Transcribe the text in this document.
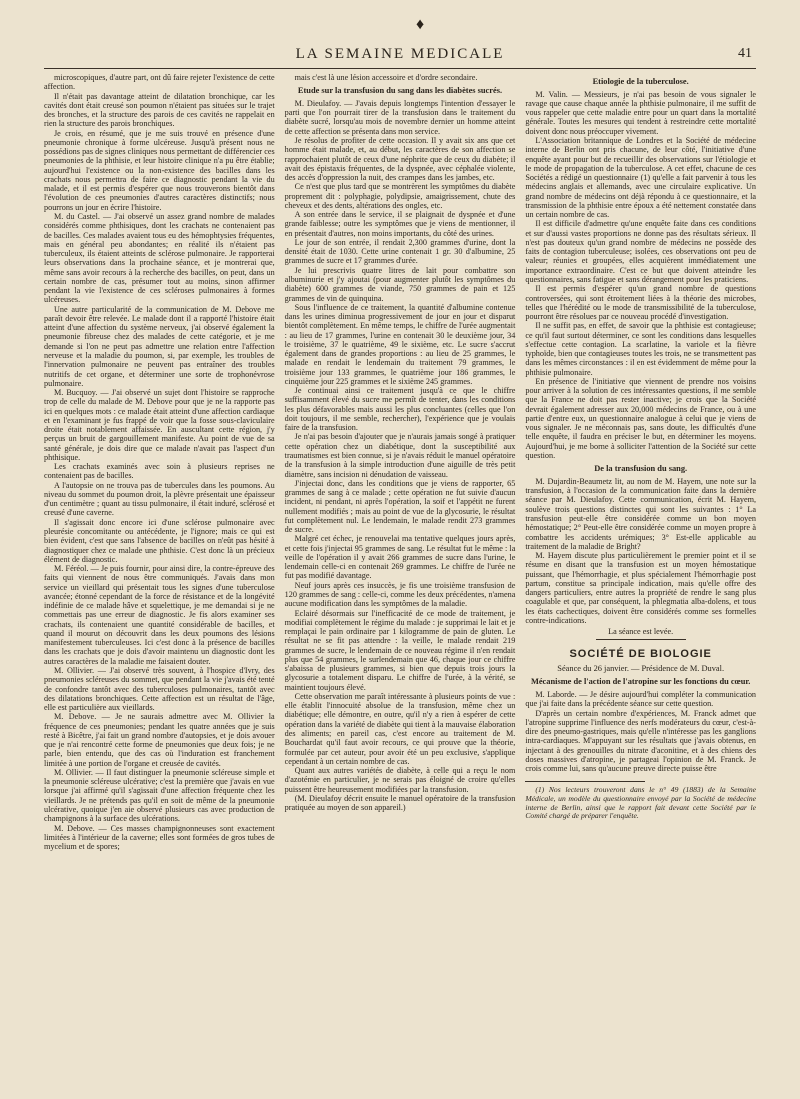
♦
LA SEMAINE MEDICALE	41

microscopiques, d'autre part, ont dû faire rejeter l'existence de cette affection.

Il n'était pas davantage atteint de dilatation bronchique, car les cavités dont était creusé son poumon n'étaient pas situées sur le trajet des bronches, et la structure des parois de ces cavités ne rappelait en rien la structure des parois bronchiques.

Je crois, en résumé, que je me suis trouvé en présence d'une pneumonie chronique à forme ulcéreuse. Jusqu'à présent nous ne possédions pas de signes cliniques nous permettant de différencier ces pneumonies de la phthisie, et leur histoire clinique n'a pu être établie; aujourd'hui l'existence ou la non-existence des bacilles dans les crachats nous permettra de faire ce diagnostic pendant la vie du malade, et il est permis d'espérer que nous trouverons bientôt dans l'évolution de ces pneumonies d'autres caractères distinctifs; nous pourrons un jour en écrire l'histoire.

M. du Castel. — J'ai observé un assez grand nombre de malades considérés comme phthisiques, dont les crachats ne contenaient pas de bacilles. Ces malades avaient tous eu des hémophtysies fréquentes, mais en général peu abondantes; en réalité ils n'étaient pas tuberculeux, ils étaient atteints de sclérose pulmonaire. Je rapporterai leurs observations dans la prochaine séance, et je montrerai que, même sans avoir recours à la recherche des bacilles, on peut, dans un certain nombre de cas, présumer tout au moins, sinon affirmer pendant la vie l'existence de ces scléroses pulmonaires à formes ulcéreuses.

Une autre particularité de la communication de M. Debove me paraît devoir être relevée. Le malade dont il a rapporté l'histoire était atteint d'une affection du système nerveux, j'ai observé également la pneumonie fibreuse chez des malades de cette catégorie, et je me demande si l'on ne peut pas admettre une relation entre l'affection nerveuse et la maladie du poumon, si, par exemple, les troubles de l'innervation pulmonaire ne peuvent pas entraîner des troubles nutritifs de cet organe, et déterminer une sorte de trophonévrose pulmonaire.

M. Bucquoy. — J'ai observé un sujet dont l'histoire se rapproche trop de celle du malade de M. Debove pour que je ne la rapporte pas ici en quelques mots : ce malade était atteint d'une affection cardiaque et en l'examinant je fus frappé de voir que la fosse sous-claviculaire droite était notablement affaissée. En auscultant cette région, j'y perçus un bruit de gargouillement manifeste. Au point de vue de sa santé générale, je dois dire que ce malade n'avait pas l'aspect d'un phthisique.

Les crachats examinés avec soin à plusieurs reprises ne contenaient pas de bacilles.

A l'autopsie on ne trouva pas de tubercules dans les poumons. Au niveau du sommet du poumon droit, la plèvre présentait une épaisseur d'un centimètre ; quant au tissu pulmonaire, il était induré, sclérosé et creusé d'une caverne.

Il s'agissait donc encore ici d'une sclérose pulmonaire avec pleurésie concomitante ou antécédente, je l'ignore; mais ce qui est bien évident, c'est que sans l'absence de bacilles on n'eût pas hésité à diagnostiquer chez ce malade une phthisie. C'est donc là un précieux élément de diagnostic.

M. Féréol. — Je puis fournir, pour ainsi dire, la contre-épreuve des faits qui viennent de nous être communiqués. J'avais dans mon service un vieillard qui présentait tous les signes d'une tuberculose avancée; étonné cependant de la force de résistance et de la longévité indéfinie de ce malade hâve et squelettique, je me demandai si je ne commettais pas une erreur de diagnostic. Je fis alors examiner ses crachats, ils contenaient une quantité considérable de bacilles, et quand il mourut on découvrit dans les deux poumons des lésions manifestement tuberculeuses. Ici c'est donc à la présence de bacilles dans les crachats que je dois d'avoir maintenu un diagnostic dont les autres caractères de la maladie me faisaient douter.

M. Ollivier. — J'ai observé très souvent, à l'hospice d'Ivry, des pneumonies scléreuses du sommet, que pendant la vie j'avais été tenté de confondre tantôt avec des tuberculoses pulmonaires, tantôt avec des dilatations bronchiques. Cette affection est un résultat de l'âge, elle est particulière aux vieillards.

M. Debove. — Je ne saurais admettre avec M. Ollivier la fréquence de ces pneumonies; pendant les quatre années que je suis resté à Bicêtre, j'ai fait un grand nombre d'autopsies, et je dois avouer que je n'ai rencontré cette forme de pneumonies que deux fois; je ne parle, bien entendu, que des cas où l'induration est franchement limitée à une portion de l'organe et creusée de cavités.

M. Ollivier. — Il faut distinguer la pneumonie scléreuse simple et la pneumonie scléreuse ulcérative; c'est la première que j'avais en vue lorsque j'ai affirmé qu'il s'agissait d'une affection fréquente chez les vieillards. Je ne prétends pas qu'il en soit de même de la pneumonie ulcérative, quoique j'en aie observé plusieurs cas avec production de champignons à la surface des ulcérations.

M. Debove. — Ces masses champignonneuses sont exactement limitées à l'intérieur de la caverne; elles sont formées de gros tubes de mycelium et de spores;

mais c'est là une lésion accessoire et d'ordre secondaire.

Etude sur la transfusion du sang dans les diabètes sucrés.

M. Dieulafoy. — J'avais depuis longtemps l'intention d'essayer le parti que l'on pourrait tirer de la transfusion dans le traitement du diabète sucré, lorsqu'au mois de novembre dernier un homme atteint de cette affection se présenta dans mon service.

Je résolus de profiter de cette occasion. Il y avait six ans que cet homme était malade, et, au début, les caractères de son affection se rapprochaient plutôt de ceux d'une néphrite que de ceux du diabète; il avait des épistaxis fréquentes, de la dyspnée, avec céphalée violente, des accès d'oppression la nuit, des crampes dans les jambes, etc.

Ce n'est que plus tard que se montrèrent les symptômes du diabète proprement dit : polyphagie, polydipsie, amaigrissement, chute des cheveux et des dents, altérations des ongles, etc.

A son entrée dans le service, il se plaignait de dyspnée et d'une grande faiblesse; outre les symptômes que je viens de mentionner, il en présentait d'autres, non moins importants, du côté des urines.

Le jour de son entrée, il rendait 2,300 grammes d'urine, dont la densité était de 1030. Cette urine contenait 1 gr. 30 d'albumine, 25 grammes de sucre et 17 grammes d'urée.

Je lui prescrivis quatre litres de lait pour combattre son albuminurie et j'y ajoutai (pour augmenter plutôt les symptômes du diabète) 600 grammes de viande, 750 grammes de pain et 125 grammes de vin de quinquina.

Sous l'influence de ce traitement, la quantité d'albumine contenue dans les urines diminua progressivement de jour en jour et disparut bientôt complètement. En même temps, le chiffre de l'urée augmentait : au lieu de 17 grammes, l'urine en contenait 30 le deuxième jour, 34 le troisième, 37 le quatrième, 49 le sixième, etc. Le sucre s'accrut également dans de grandes proportions : au lieu de 25 grammes, le malade en rendait le lendemain du traitement 79 grammes, le troisième jour 133 grammes, le quatrième jour 186 grammes, le cinquième jour 225 grammes et le sixième 245 grammes.

Je continuai ainsi ce traitement jusqu'à ce que le chiffre suffisamment élevé du sucre me permît de tenter, dans les conditions les plus défavorables mais aussi les plus concluantes (celles que l'on doit toujours, il me semble, rechercher), l'expérience que je voulais faire de la transfusion.

Je n'ai pas besoin d'ajouter que je n'aurais jamais songé à pratiquer cette opération chez un diabétique, dont la susceptibilité aux traumatismes est bien connue, si je n'avais réduit le manuel opératoire de la transfusion à la simple introduction d'une aiguille de très petit diamètre, sans incision ni dénudation de vaisseau.

J'injectai donc, dans les conditions que je viens de rapporter, 65 grammes de sang à ce malade ; cette opération ne fut suivie d'aucun incident, ni pendant, ni après l'opération, la soif et l'appétit ne furent nullement modifiés ; mais au point de vue de la glycosurie, le résultat fut complètement nul. Le lendemain, le malade rendit 273 grammes de sucre.

Malgré cet échec, je renouvelai ma tentative quelques jours après, et cette fois j'injectai 95 grammes de sang. Le résultat fut le même : la veille de l'opération il y avait 266 grammes de sucre dans l'urine, le lendemain celle-ci en contenait 269 grammes. Le chiffre de l'urée ne fut pas modifié davantage.

Neuf jours après ces insuccès, je fis une troisième transfusion de 120 grammes de sang : celle-ci, comme les deux précédentes, n'amena aucune modification dans les symptômes de la maladie.

Eclairé désormais sur l'inefficacité de ce mode de traitement, je modifiai complètement le régime du malade : je supprimai le lait et je remplaçai le pain ordinaire par 1 kilogramme de pain de gluten. Le résultat ne se fit pas attendre : la veille, le malade rendait 219 grammes de sucre, le lendemain de ce nouveau régime il n'en rendait plus que 54 grammes, le surlendemain que 46, chaque jour ce chiffre s'abaissa de plusieurs grammes, si bien que depuis trois jours la glycosurie a totalement disparu. Le chiffre de l'urée, à la vérité, se maintient toujours élevé.

Cette observation me paraît intéressante à plusieurs points de vue : elle établit l'innocuité absolue de la transfusion, même chez un diabétique; elle démontre, en outre, qu'il n'y a rien à espérer de cette opération dans la variété de diabète qui tient à la mauvaise élaboration des aliments; en pareil cas, c'est encore au traitement de M. Bouchardat qu'il faut avoir recours, ce qui prouve que la théorie, formulée par cet auteur, pour avoir été un peu exclusive, s'applique cependant à un certain nombre de cas.

Quant aux autres variétés de diabète, à celle qui a reçu le nom d'azotémie en particulier, je ne serais pas éloigné de croire qu'elles puissent être heureusement modifiées par la transfusion.

(M. Dieulafoy décrit ensuite le manuel opératoire de la transfusion pratiquée au moyen de son appareil.)

Etiologie de la tuberculose.

M. Valin. — Messieurs, je n'ai pas besoin de vous signaler le ravage que cause chaque année la phthisie pulmonaire, il me suffit de vous rappeler que cette maladie entre pour un quart dans la mortalité générale. Toutes les mesures qui tendent à restreindre cette mortalité doivent donc nous préoccuper vivement.

L'Association britannique de Londres et la Société de médecine interne de Berlin ont pris chacune, de leur côté, l'initiative d'une enquête ayant pour but de recueillir des observations sur l'étiologie et le mode de propagation de la tuberculose. A cet effet, chacune de ces Sociétés a rédigé un questionnaire (1) qu'elle a fait parvenir à tous les médecins anglais et allemands, avec une circulaire explicative. Un grand nombre de médecins ont déjà répondu à ce questionnaire, et la transmission de la phthisie entre époux a été nettement constatée dans un certain nombre de cas.

Il est difficile d'admettre qu'une enquête faite dans ces conditions et sur d'aussi vastes proportions ne donne pas des résultats sérieux. Il n'est pas douteux qu'un grand nombre de médecins ne possède des faits de contagion tuberculeuse; isolées, ces observations ont peu de valeur; réunies et groupées, elles acquièrent immédiatement une importance extraordinaire. C'est ce but que doivent atteindre les questionnaires, sans fatigue et sans dérangement pour les praticiens.

Il est permis d'espérer qu'un grand nombre de questions controversées, qui sont étroitement liées à la théorie des microbes, telles que l'hérédité ou le mode de transmissibilité de la tuberculose, pourront être résolues par ce nouveau procédé d'investigation.

Il ne suffit pas, en effet, de savoir que la phthisie est contagieuse; ce qu'il faut surtout déterminer, ce sont les conditions dans lesquelles s'effectue cette contagion. La scarlatine, la variole et la fièvre typhoïde, bien que contagieuses toutes les trois, ne se transmettent pas dans les mêmes circonstances : il en est évidemment de même pour la phthisie pulmonaire.

En présence de l'initiative que viennent de prendre nos voisins pour arriver à la solution de ces intéressantes questions, il me semble que la France ne doit pas rester inactive; je crois que la Société devrait également adresser aux 20,000 médecins de France, ou à une partie d'entre eux, un questionnaire analogue à celui que je viens de vous signaler. Je ne méconnais pas, sans doute, les difficultés d'une telle enquête, il faudra en préciser le but, en déterminer les moyens. Aujourd'hui, je me borne à solliciter l'attention de la Société sur cette question.

De la transfusion du sang.

M. Dujardin-Beaumetz lit, au nom de M. Hayem, une note sur la transfusion, à l'occasion de la communication faite dans la dernière séance par M. Dieulafoy. Cette communication, écrit M. Hayem, soulève trois questions distinctes qui sont les suivantes : 1° La transfusion peut-elle être considérée comme un bon moyen hémostatique; 2° Peut-elle être considérée comme un moyen propre à combattre les accidents urémiques; 3° Est-elle applicable au traitement de la maladie de Bright?

M. Hayem discute plus particulièrement le premier point et il se résume en disant que la transfusion est un moyen hémostatique puissant, que l'hémorrhagie, et plus spécialement l'hémorrhagie post partum, constitue sa principale indication, mais qu'elle offre des dangers particuliers, entre autres la propriété de rendre le sang plus coagulable et que, par conséquent, la phlegmatia alba-dolens, et tous les états cachectiques, doivent être considérés comme ses formelles contre-indications.

La séance est levée.

SOCIÉTÉ DE BIOLOGIE
Séance du 26 janvier. — Présidence de M. Duval.
Mécanisme de l'action de l'atropine sur les fonctions du cœur.

M. Laborde. — Je désire aujourd'hui compléter la communication que j'ai faite dans la précédente séance sur cette question.

D'après un certain nombre d'expériences, M. Franck admet que l'atropine supprime l'influence des nerfs modérateurs du cœur, c'est-à-dire des pneumo-gastriques, mais qu'elle n'intéresse pas les ganglions intra-cardiaques. M'appuyant sur les résultats que j'avais obtenus, en injectant à des grenouilles du nitrate d'aconitine, et à des chiens des doses massives d'atropine, je partageai l'opinion de M. Franck. Je crois comme lui, sans qu'aucune preuve directe puisse être

(1) Nos lecteurs trouveront dans le n° 49 (1883) de la Semaine Médicale, un modèle du questionnaire envoyé par la Société de médecine interne de Berlin, ainsi que le rapport fait devant cette Société par le Comité chargé de préparer l'enquête.
